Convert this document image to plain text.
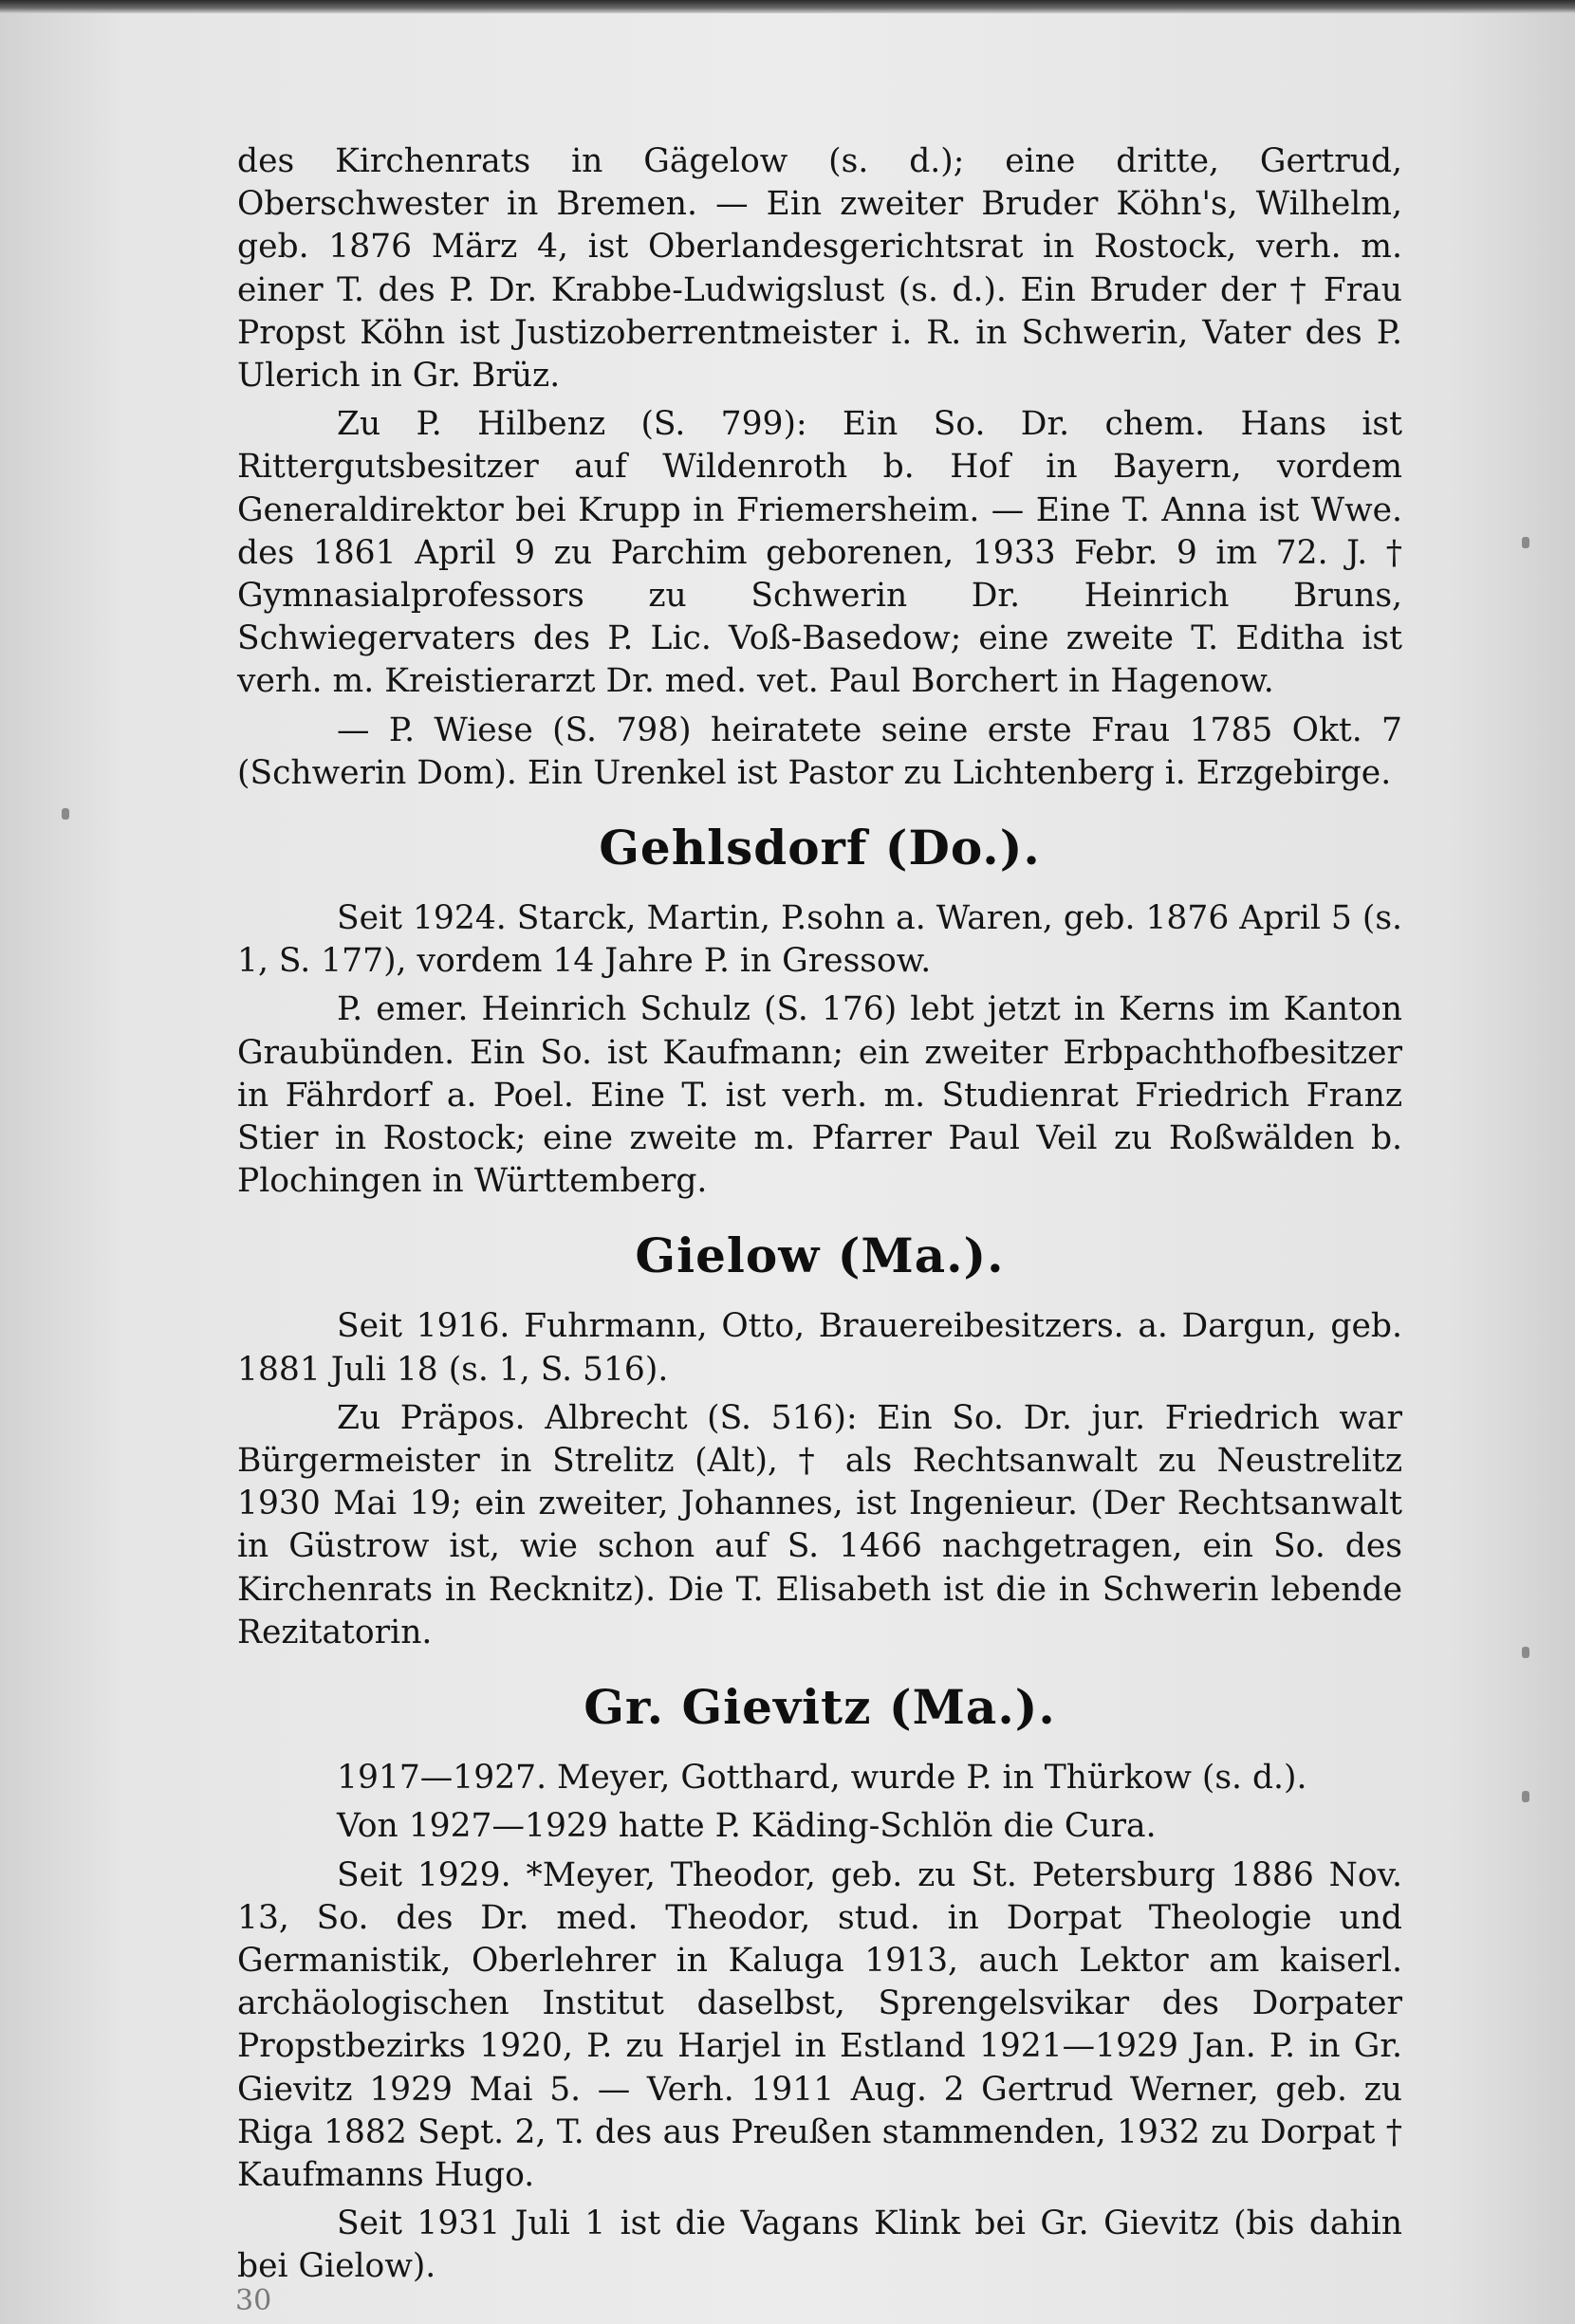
des Kirchenrats in Gägelow (s. d.); eine dritte, Gertrud, Oberschwester in Bremen. — Ein zweiter Bruder Köhn's, Wilhelm, geb. 1876 März 4, ist Oberlandesgerichtsrat in Rostock, verh. m. einer T. des P. Dr. Krabbe-Ludwigslust (s. d.). Ein Bruder der † Frau Propst Köhn ist Justizoberrentmeister i. R. in Schwerin, Vater des P. Ulerich in Gr. Brüz.

Zu P. Hilbenz (S. 799): Ein So. Dr. chem. Hans ist Rittergutsbesitzer auf Wildenroth b. Hof in Bayern, vordem Generaldirektor bei Krupp in Friemersheim. — Eine T. Anna ist Wwe. des 1861 April 9 zu Parchim geborenen, 1933 Febr. 9 im 72. J. † Gymnasialprofessors zu Schwerin Dr. Heinrich Bruns, Schwiegervaters des P. Lic. Voß-Basedow; eine zweite T. Editha ist verh. m. Kreistierarzt Dr. med. vet. Paul Borchert in Hagenow.

— P. Wiese (S. 798) heiratete seine erste Frau 1785 Okt. 7 (Schwerin Dom). Ein Urenkel ist Pastor zu Lichtenberg i. Erzgebirge.

Gehlsdorf (Do.).

Seit 1924. Starck, Martin, P.sohn a. Waren, geb. 1876 April 5 (s. 1, S. 177), vordem 14 Jahre P. in Gressow.

P. emer. Heinrich Schulz (S. 176) lebt jetzt in Kerns im Kanton Graubünden. Ein So. ist Kaufmann; ein zweiter Erbpachthofbesitzer in Fährdorf a. Poel. Eine T. ist verh. m. Studienrat Friedrich Franz Stier in Rostock; eine zweite m. Pfarrer Paul Veil zu Roßwälden b. Plochingen in Württemberg.

Gielow (Ma.).

Seit 1916. Fuhrmann, Otto, Brauereibesitzers. a. Dargun, geb. 1881 Juli 18 (s. 1, S. 516).

Zu Präpos. Albrecht (S. 516): Ein So. Dr. jur. Friedrich war Bürgermeister in Strelitz (Alt), † als Rechtsanwalt zu Neustrelitz 1930 Mai 19; ein zweiter, Johannes, ist Ingenieur. (Der Rechtsanwalt in Güstrow ist, wie schon auf S. 1466 nachgetragen, ein So. des Kirchenrats in Recknitz). Die T. Elisabeth ist die in Schwerin lebende Rezitatorin.

Gr. Gievitz (Ma.).

1917—1927. Meyer, Gotthard, wurde P. in Thürkow (s. d.).

Von 1927—1929 hatte P. Käding-Schlön die Cura.

Seit 1929. *Meyer, Theodor, geb. zu St. Petersburg 1886 Nov. 13, So. des Dr. med. Theodor, stud. in Dorpat Theologie und Germanistik, Oberlehrer in Kaluga 1913, auch Lektor am kaiserl. archäologischen Institut daselbst, Sprengelsvikar des Dorpater Propstbezirks 1920, P. zu Harjel in Estland 1921—1929 Jan. P. in Gr. Gievitz 1929 Mai 5. — Verh. 1911 Aug. 2 Gertrud Werner, geb. zu Riga 1882 Sept. 2, T. des aus Preußen stammenden, 1932 zu Dorpat † Kaufmanns Hugo.

Seit 1931 Juli 1 ist die Vagans Klink bei Gr. Gievitz (bis dahin bei Gielow).

30
